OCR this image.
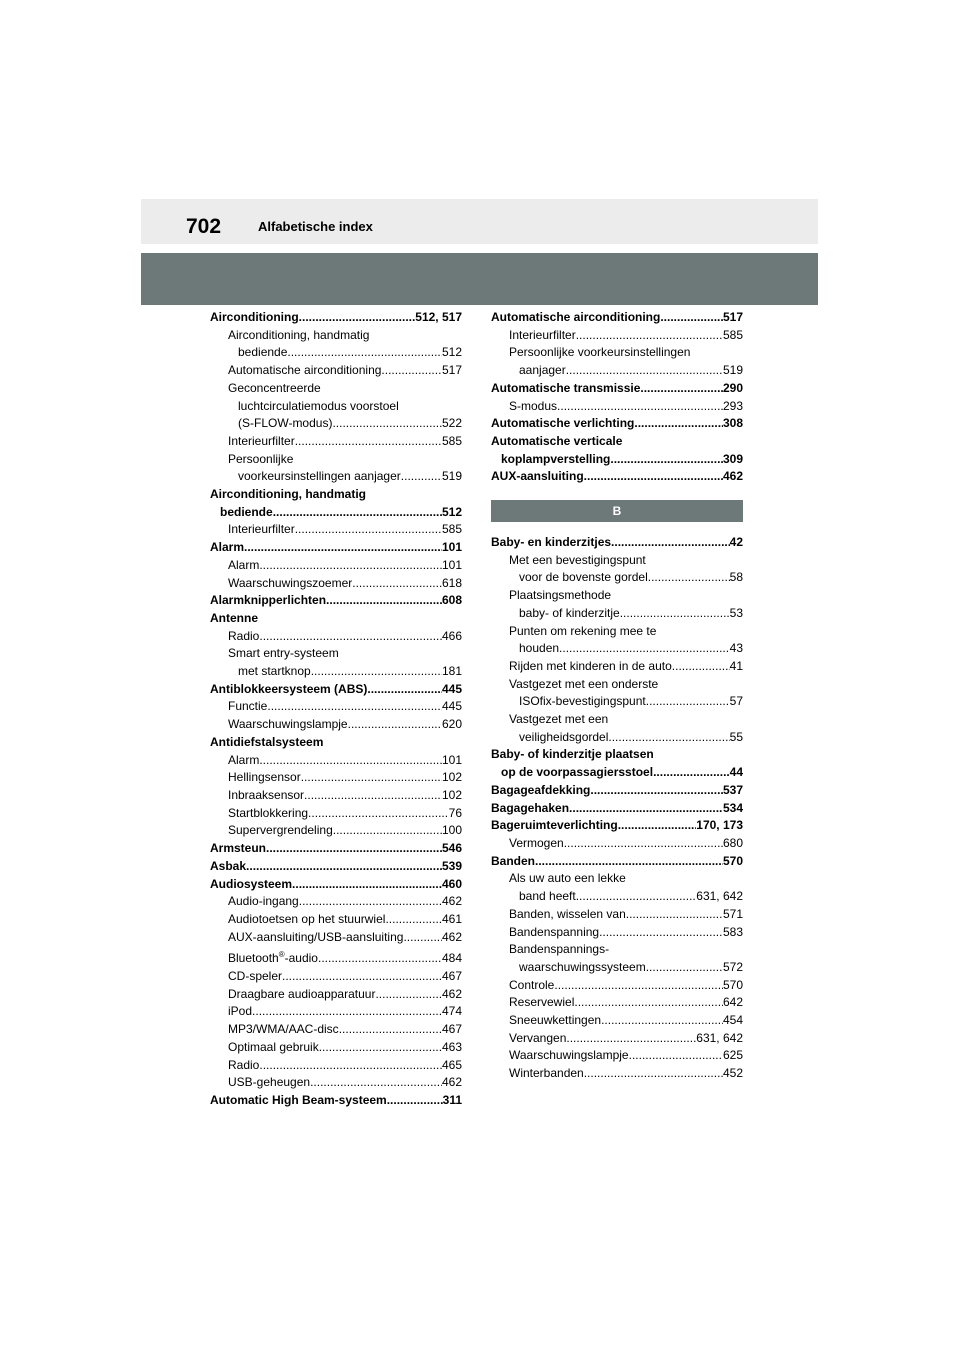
702	Alfabetische index
Airconditioning .....	512, 517
Airconditioning, handmatig
bediende .....	512
Automatische airconditioning .....	517
Geconcentreerde
luchtcirculatiemodus voorstoel
(S-FLOW-modus) .....	522
Interieurfilter .....	585
Persoonlijke
voorkeursinstellingen aanjager .....	519
Airconditioning, handmatig
bediende .....	512
Interieurfilter .....	585
Alarm .....	101
Alarm .....	101
Waarschuwingszoemer .....	618
Alarmknipperlichten .....	608
Antenne
Radio .....	466
Smart entry-systeem
met startknop .....	181
Antiblokkeersysteem (ABS) .....	445
Functie .....	445
Waarschuwingslampje .....	620
Antidiefstalsysteem
Alarm .....	101
Hellingsensor .....	102
Inbraaksensor .....	102
Startblokkering .....	76
Supervergrendeling .....	100
Armsteun .....	546
Asbak .....	539
Audiosysteem .....	460
Audio-ingang .....	462
Audiotoetsen op het stuurwiel .....	461
AUX-aansluiting/USB-aansluiting .....	462
Bluetooth®-audio .....	484
CD-speler .....	467
Draagbare audioapparatuur .....	462
iPod .....	474
MP3/WMA/AAC-disc .....	467
Optimaal gebruik .....	463
Radio .....	465
USB-geheugen .....	462
Automatic High Beam-systeem .....	311
Automatische airconditioning .....	517
Interieurfilter .....	585
Persoonlijke voorkeursinstellingen
aanjager .....	519
Automatische transmissie .....	290
S-modus .....	293
Automatische verlichting .....	308
Automatische verticale
koplampverstelling .....	309
AUX-aansluiting .....	462
B
Baby- en kinderzitjes .....	42
Met een bevestigingspunt
voor de bovenste gordel .....	58
Plaatsingsmethode
baby- of kinderzitje .....	53
Punten om rekening mee te
houden .....	43
Rijden met kinderen in de auto .....	41
Vastgezet met een onderste
ISOfix-bevestigingspunt .....	57
Vastgezet met een
veiligheidsgordel .....	55
Baby- of kinderzitje plaatsen
op de voorpassagiersstoel .....	44
Bagageafdekking .....	537
Bagagehaken .....	534
Bageruimteverlichting .....	170, 173
Vermogen .....	680
Banden .....	570
Als uw auto een lekke
band heeft .....	631, 642
Banden, wisselen van .....	571
Bandenspanning .....	583
Bandenspannings-
waarschuwingssysteem .....	572
Controle .....	570
Reservewiel .....	642
Sneeuwkettingen .....	454
Vervangen .....	631, 642
Waarschuwingslampje .....	625
Winterbanden .....	452
